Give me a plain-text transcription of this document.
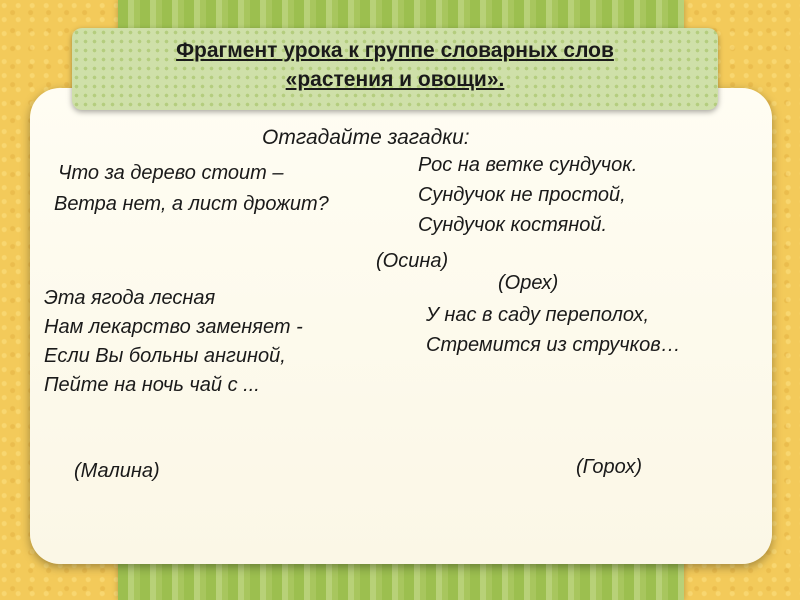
Фрагмент урока к группе словарных слов
«растения и овощи».
Отгадайте загадки:
Что за дерево стоит –
Ветра нет, а лист дрожит?
(Осина)
Рос на ветке сундучок.
Сундучок не простой,
Сундучок костяной.
(Орех)
Эта ягода лесная
Нам лекарство заменяет -
Если Вы больны ангиной,
Пейте на ночь чай с ...
(Малина)
У нас в саду переполох,
Стремится из стручков…
(Горох)
